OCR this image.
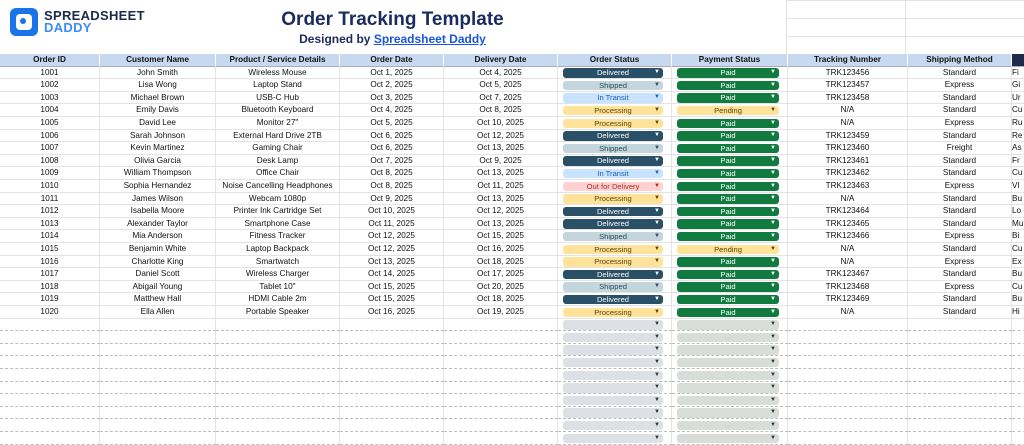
SPREADSHEET
DADDY	Order Tracking Template
Designed by Spreadsheet Daddy
Order ID	Customer Name	Product / Service Details	Order Date	Delivery Date	Order Status	Payment Status	Tracking Number	Shipping Method
1001	John Smith	Wireless Mouse	Oct 1, 2025	Oct 4, 2025	Delivered	▼	Paid	▼	TRK123456	Standard	Fi
1002	Lisa Wong	Laptop Stand	Oct 2, 2025	Oct 5, 2025	Shipped	▼	Paid	▼	TRK123457	Express	Gi
1003	Michael Brown	USB-C Hub	Oct 3, 2025	Oct 7, 2025	In Transit	▼	Paid	▼	TRK123458	Standard	Ur
1004	Emily Davis	Bluetooth Keyboard	Oct 4, 2025	Oct 8, 2025	Processing	▼	Pending	▼	N/A	Standard	Cu
1005	David Lee	Monitor 27"	Oct 5, 2025	Oct 10, 2025	Processing	▼	Paid	▼	N/A	Express	Ru
1006	Sarah Johnson	External Hard Drive 2TB	Oct 6, 2025	Oct 12, 2025	Delivered	▼	Paid	▼	TRK123459	Standard	Re
1007	Kevin Martinez	Gaming Chair	Oct 6, 2025	Oct 13, 2025	Shipped	▼	Paid	▼	TRK123460	Freight	As
1008	Olivia Garcia	Desk Lamp	Oct 7, 2025	Oct 9, 2025	Delivered	▼	Paid	▼	TRK123461	Standard	Fr
1009	William Thompson	Office Chair	Oct 8, 2025	Oct 13, 2025	In Transit	▼	Paid	▼	TRK123462	Standard	Cu
1010	Sophia Hernandez	Noise Cancelling Headphones	Oct 8, 2025	Oct 11, 2025	Out for Delivery ▼	Paid	▼	TRK123463	Express	VI
1011	James Wilson	Webcam 1080p	Oct 9, 2025	Oct 13, 2025	Processing	▼	Paid	▼	N/A	Standard	Bu
1012	Isabella Moore	Printer Ink Cartridge Set	Oct 10, 2025	Oct 12, 2025	Delivered	▼	Paid	▼	TRK123464	Standard	Lo
1013	Alexander Taylor	Smartphone Case	Oct 11, 2025	Oct 13, 2025	Delivered	▼	Paid	▼	TRK123465	Standard	Mu
1014	Mia Anderson	Fitness Tracker	Oct 12, 2025	Oct 15, 2025	Shipped	▼	Paid	▼	TRK123466	Express	Bi
1015	Benjamin White	Laptop Backpack	Oct 12, 2025	Oct 16, 2025	Processing	▼	Pending	▼	N/A	Standard	Cu
1016	Charlotte King	Smartwatch	Oct 13, 2025	Oct 18, 2025	Processing	▼	Paid	▼	N/A	Express	Ex
1017	Daniel Scott	Wireless Charger	Oct 14, 2025	Oct 17, 2025	Delivered	▼	Paid	▼	TRK123467	Standard	Bu
1018	Abigail Young	Tablet 10"	Oct 15, 2025	Oct 20, 2025	Shipped	▼	Paid	▼	TRK123468	Express	Cu
1019	Matthew Hall	HDMI Cable 2m	Oct 15, 2025	Oct 18, 2025	Delivered	▼	Paid	▼	TRK123469	Standard	Bu
1020	Ella Allen	Portable Speaker	Oct 16, 2025	Oct 19, 2025	Processing	▼	Paid	▼	N/A	Standard	Hi
▼	▼
▼	▼
▼	▼
▼	▼
▼	▼
▼	▼
▼	▼
▼	▼
▼	▼
▼	▼
